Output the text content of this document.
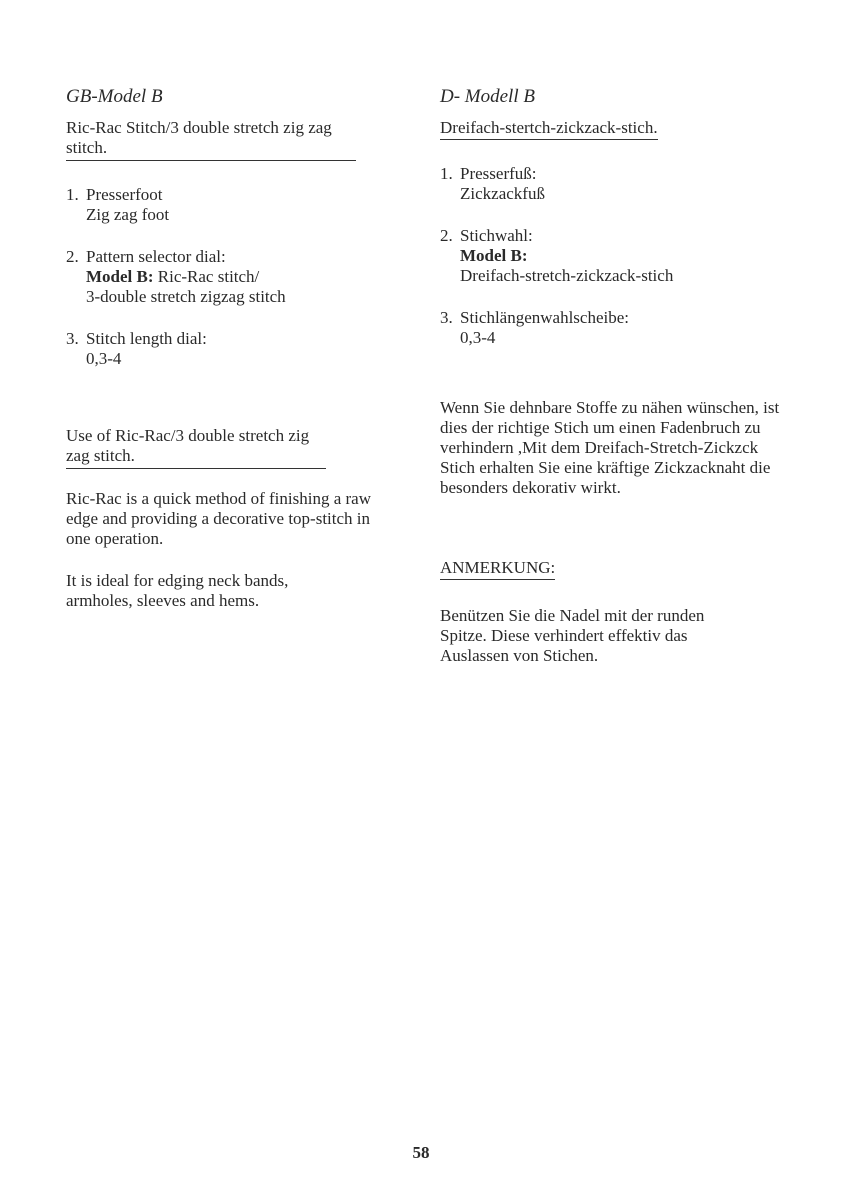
GB-Model B
Ric-Rac Stitch/3 double stretch zig zag stitch.
1. Presserfoot
Zig zag foot
2. Pattern selector dial:
Model B: Ric-Rac stitch/
3-double stretch zigzag stitch
3. Stitch length dial:
0,3-4
Use of Ric-Rac/3 double stretch zig zag stitch.

Ric-Rac is a quick method of finishing a raw edge and providing a decorative top-stitch in one operation.

It is ideal for edging neck bands, armholes, sleeves and hems.

D- Modell B
Dreifach-stertch-zickzack-stich.
1. Presserfuß:
Zickzackfuß
2. Stichwahl:
Model B:
Dreifach-stretch-zickzack-stich
3. Stichlängenwahlscheibe:
0,3-4

Wenn Sie dehnbare Stoffe zu nähen wünschen, ist dies der richtige Stich um einen Fadenbruch zu verhindern ,Mit dem Dreifach-Stretch-Zickzck Stich erhalten Sie eine kräftige Zickzacknaht die besonders dekorativ wirkt.

ANMERKUNG:

Benützen Sie die Nadel mit der runden Spitze. Diese verhindert effektiv das Auslassen von Stichen.

58
